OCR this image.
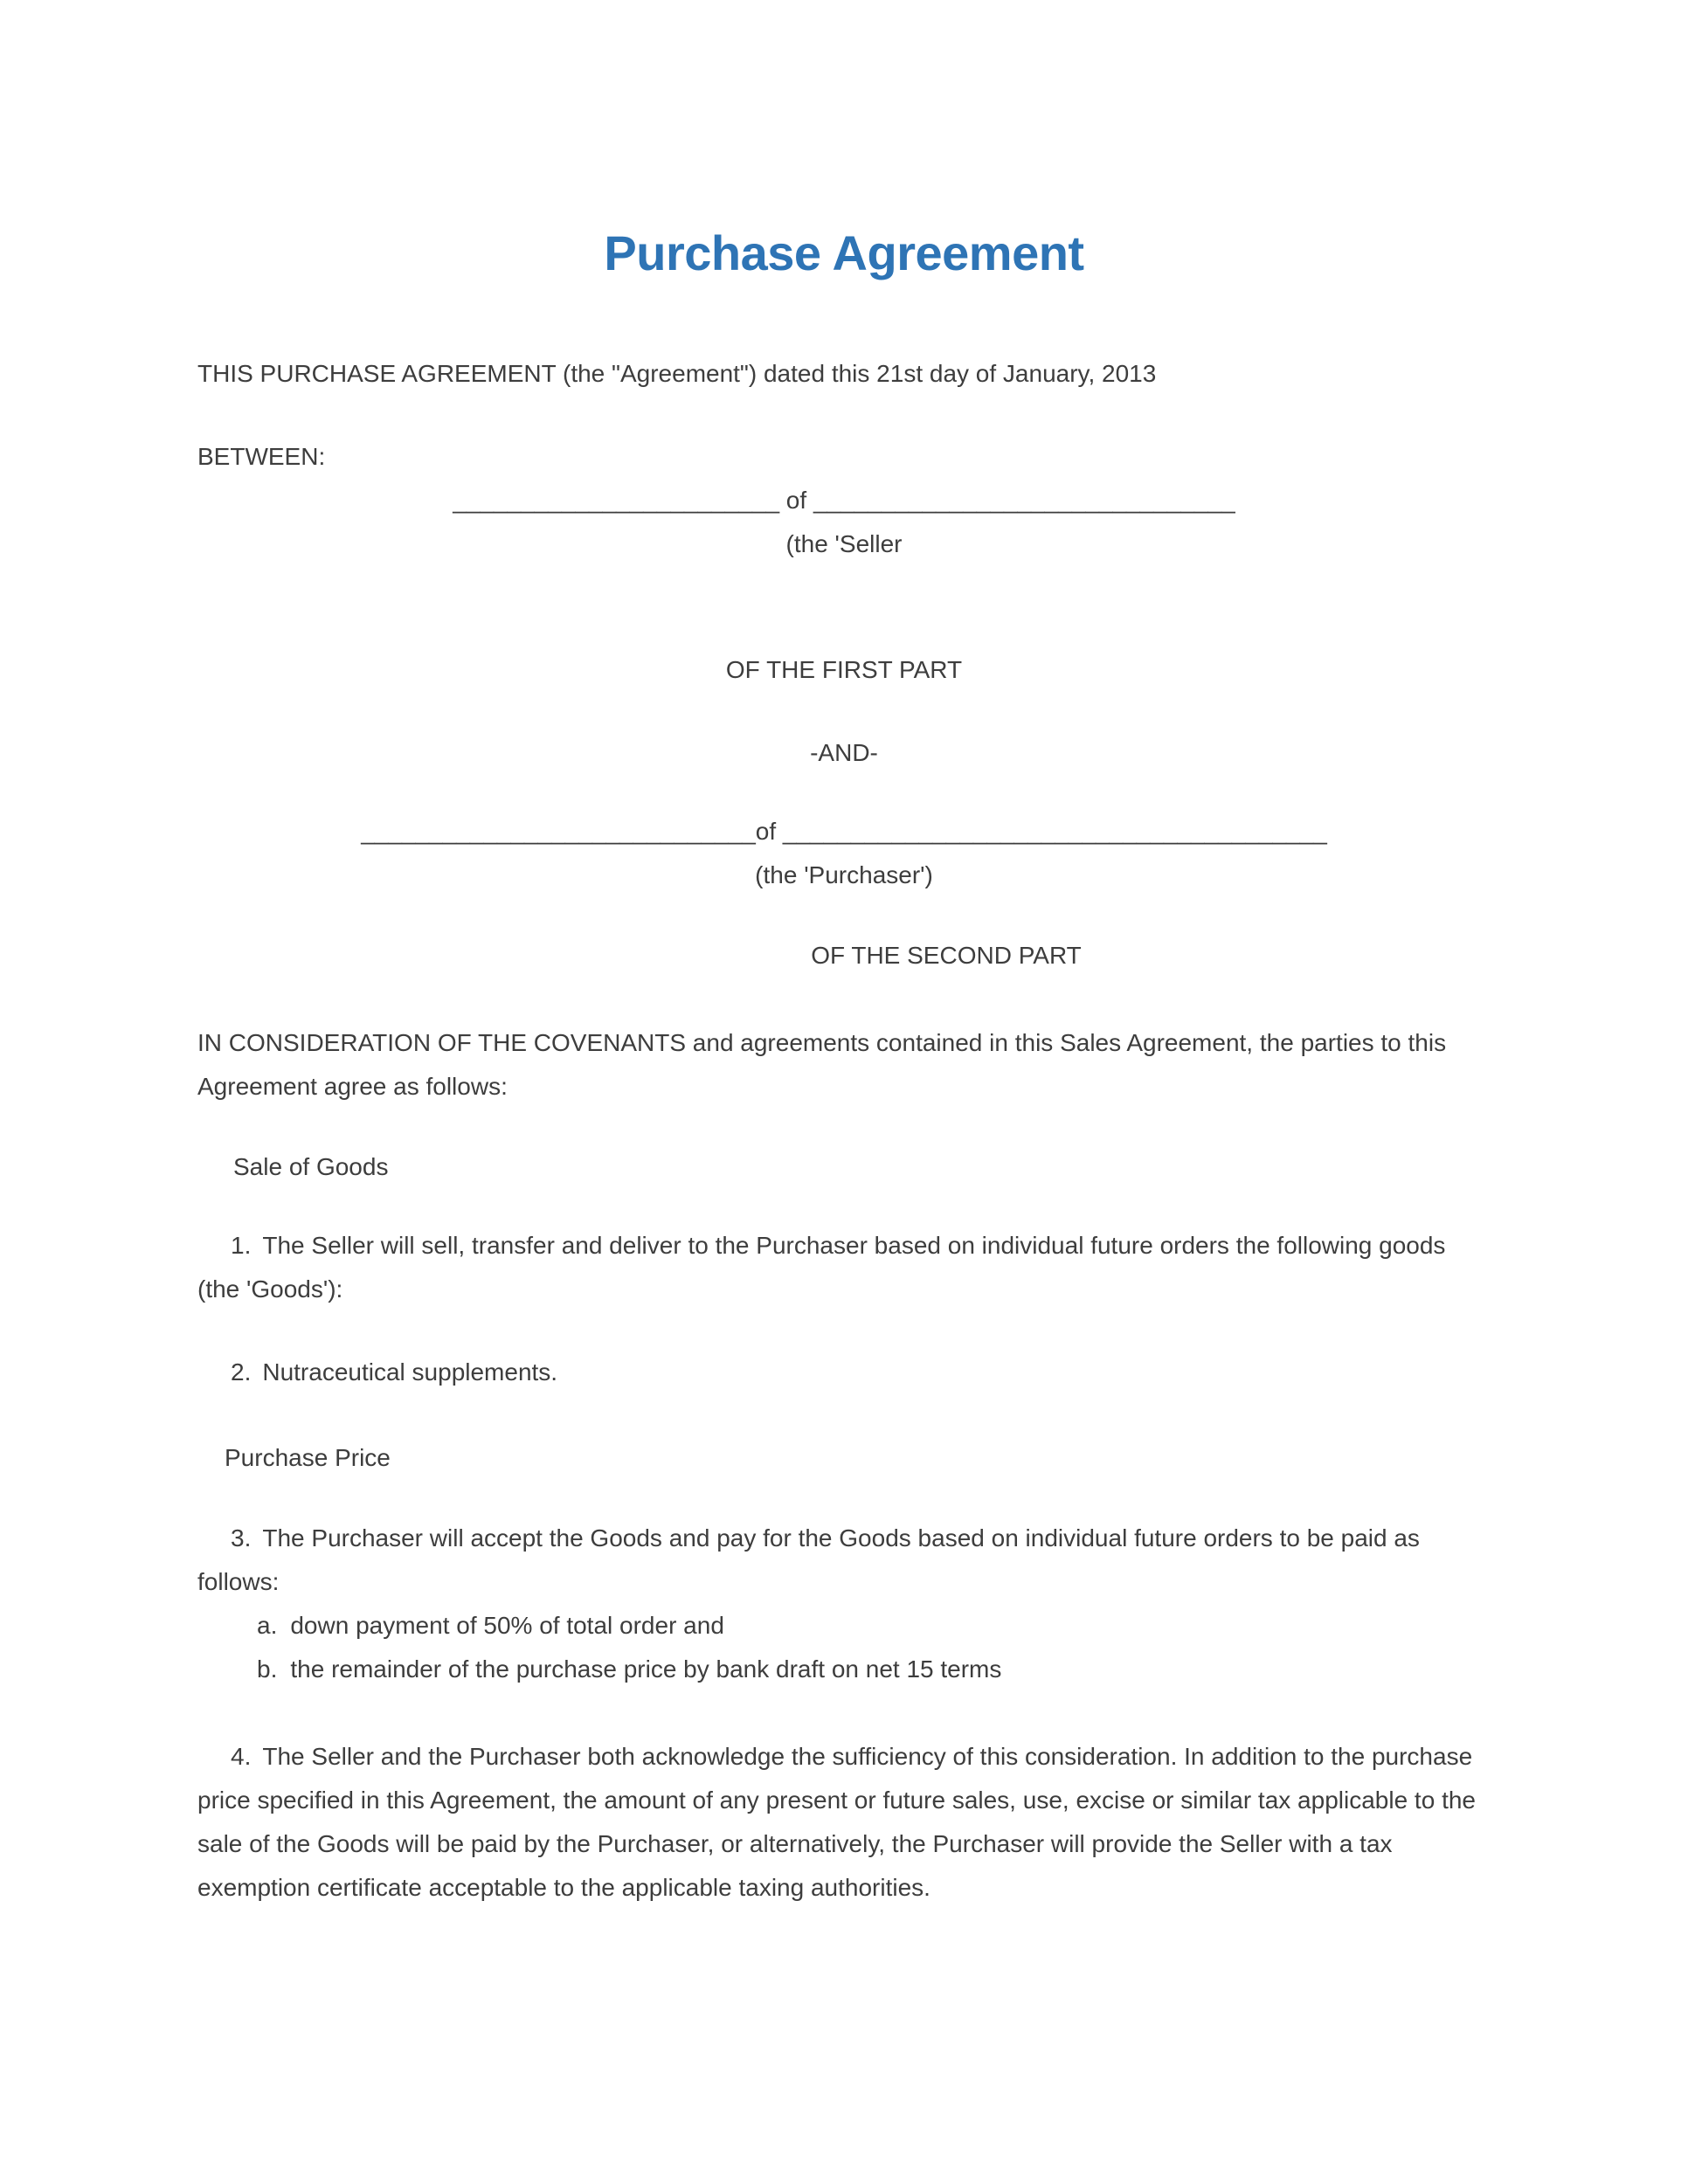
Purchase Agreement

THIS PURCHASE AGREEMENT (the "Agreement") dated this 21st day of January, 2013

BETWEEN:

________________________ of _______________________________

(the 'Seller

OF THE FIRST PART

-AND-

_____________________________of ________________________________________

(the 'Purchaser')

OF THE SECOND PART

IN CONSIDERATION OF THE COVENANTS and agreements contained in this Sales Agreement, the parties to this Agreement agree as follows:

Sale of Goods

1. The Seller will sell, transfer and deliver to the Purchaser based on individual future orders the following goods (the 'Goods'):

2. Nutraceutical supplements.

Purchase Price

3. The Purchaser will accept the Goods and pay for the Goods based on individual future orders to be paid as follows:

a. down payment of 50% of total order and

b. the remainder of the purchase price by bank draft on net 15 terms

4. The Seller and the Purchaser both acknowledge the sufficiency of this consideration. In addition to the purchase price specified in this Agreement, the amount of any present or future sales, use, excise or similar tax applicable to the sale of the Goods will be paid by the Purchaser, or alternatively, the Purchaser will provide the Seller with a tax exemption certificate acceptable to the applicable taxing authorities.
